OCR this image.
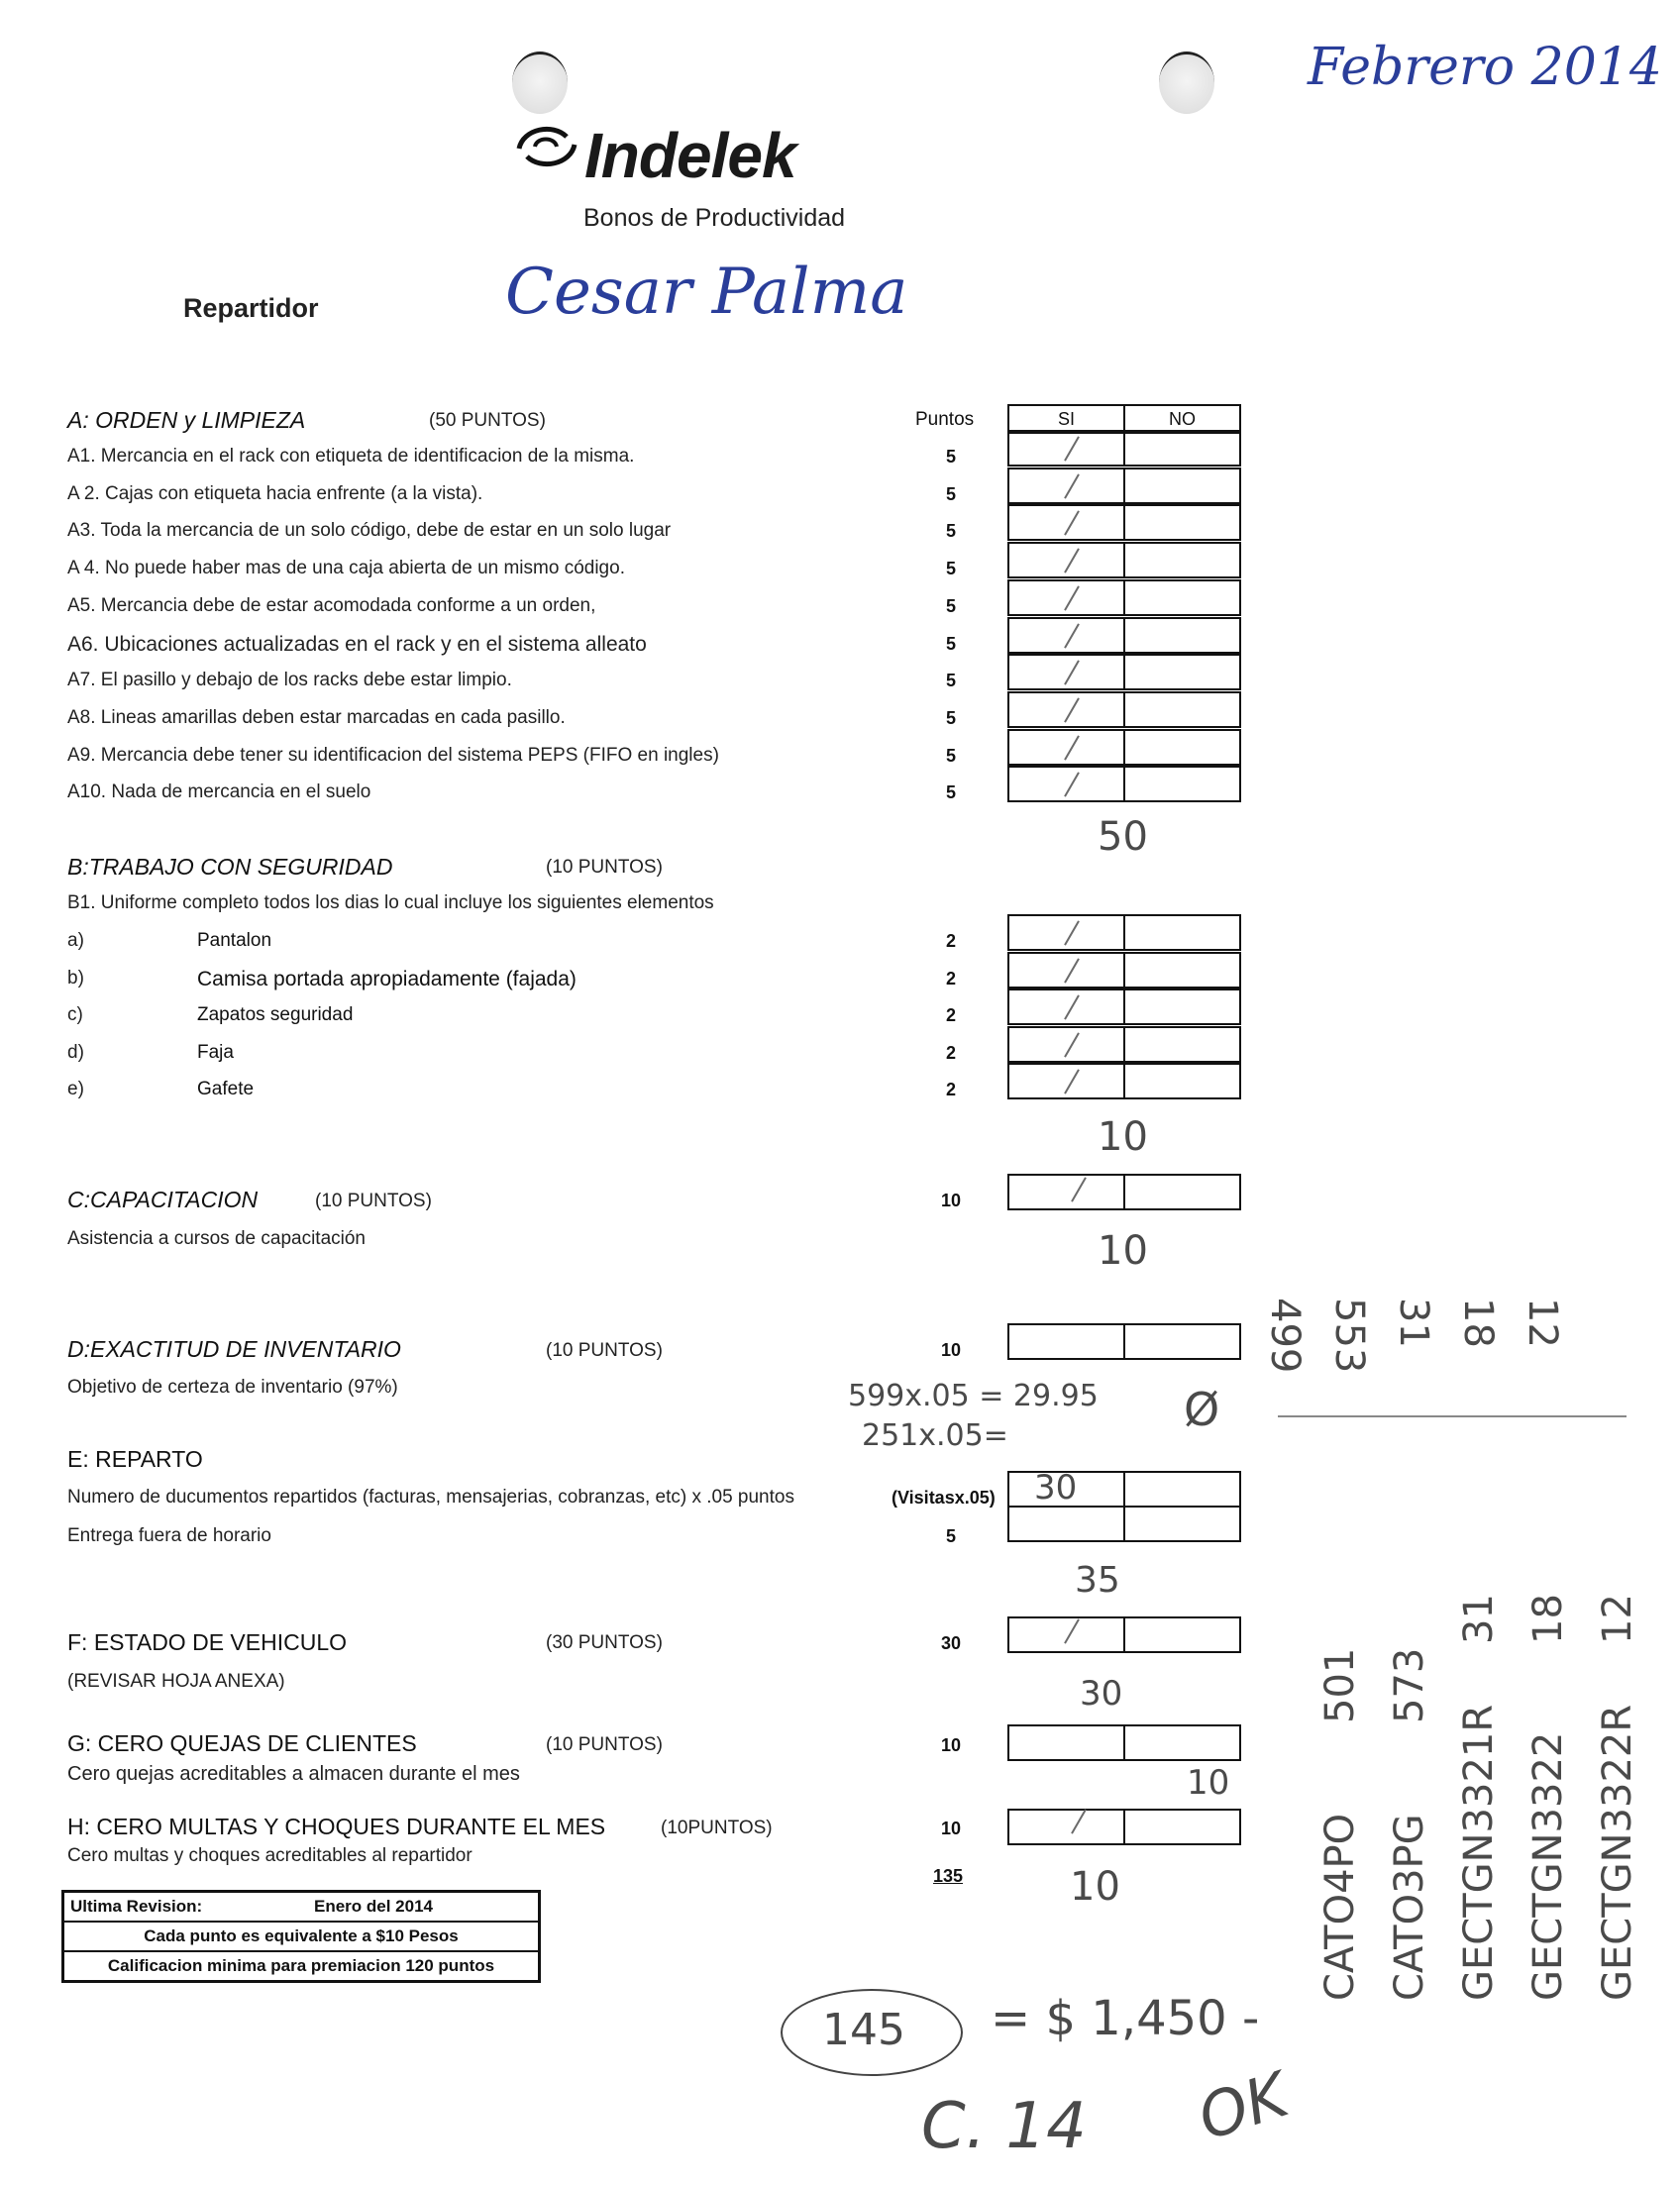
Febrero 2014
Indelek
Bonos de Productividad
Repartidor	Cesar Palma
Puntos	SI	NO
A: ORDEN y LIMPIEZA	(50 PUNTOS)
A1. Mercancia en el rack con etiqueta de identificacion de la misma.	5
A 2. Cajas con etiqueta hacia enfrente (a la vista).	5
A3. Toda la mercancia de un solo código, debe de estar en un solo lugar	5
A 4. No puede haber mas de una caja abierta de un mismo código.	5
A5. Mercancia debe de estar acomodada conforme a un orden,	5
A6. Ubicaciones actualizadas en el rack y en el sistema alleato	5
A7. El pasillo y debajo de los racks debe estar limpio.	5
A8. Lineas amarillas deben estar marcadas en cada pasillo.	5
A9. Mercancia debe tener su identificacion del sistema PEPS (FIFO en ingles)	5
A10. Nada de mercancia en el suelo	5
50
B:TRABAJO CON SEGURIDAD	(10 PUNTOS)
B1. Uniforme completo todos los dias lo cual incluye los siguientes elementos
a)	Pantalon	2
b)	Camisa portada apropiadamente (fajada)	2
c)	Zapatos seguridad	2
d)	Faja	2
e)	Gafete	2
10
C:CAPACITACION	(10 PUNTOS)
Asistencia a cursos de capacitación
10
10
D:EXACTITUD DE INVENTARIO	(10 PUNTOS)
Objetivo de certeza de inventario (97%)
10
599x.05 = 29.95
251x.05=	Ø
E: REPARTO
Numero de ducumentos repartidos (facturas, mensajerias, cobranzas, etc) x .05 puntos
Entrega fuera de horario
(Visitasx.05)
5
30
35
F: ESTADO DE VEHICULO	(30 PUNTOS)
(REVISAR HOJA ANEXA)
30
30
G: CERO QUEJAS DE CLIENTES	(10 PUNTOS)
Cero quejas acreditables a almacen durante el mes
10
10
H: CERO MULTAS Y CHOQUES DURANTE EL MES	(10PUNTOS)
Cero multas y choques acreditables al repartidor
10
10
135
Ultima Revision:	Enero del 2014
Cada punto es equivalente a $10 Pesos
Calificacion minima para premiacion 120 puntos
145 = $ 1,450 -
C. 14 OK
499 553 31 18 12
CATO4PO
501
CATO3PG
573
GECTGN3321R
31
GECTGN3322
18
GECTGN3322R
12
